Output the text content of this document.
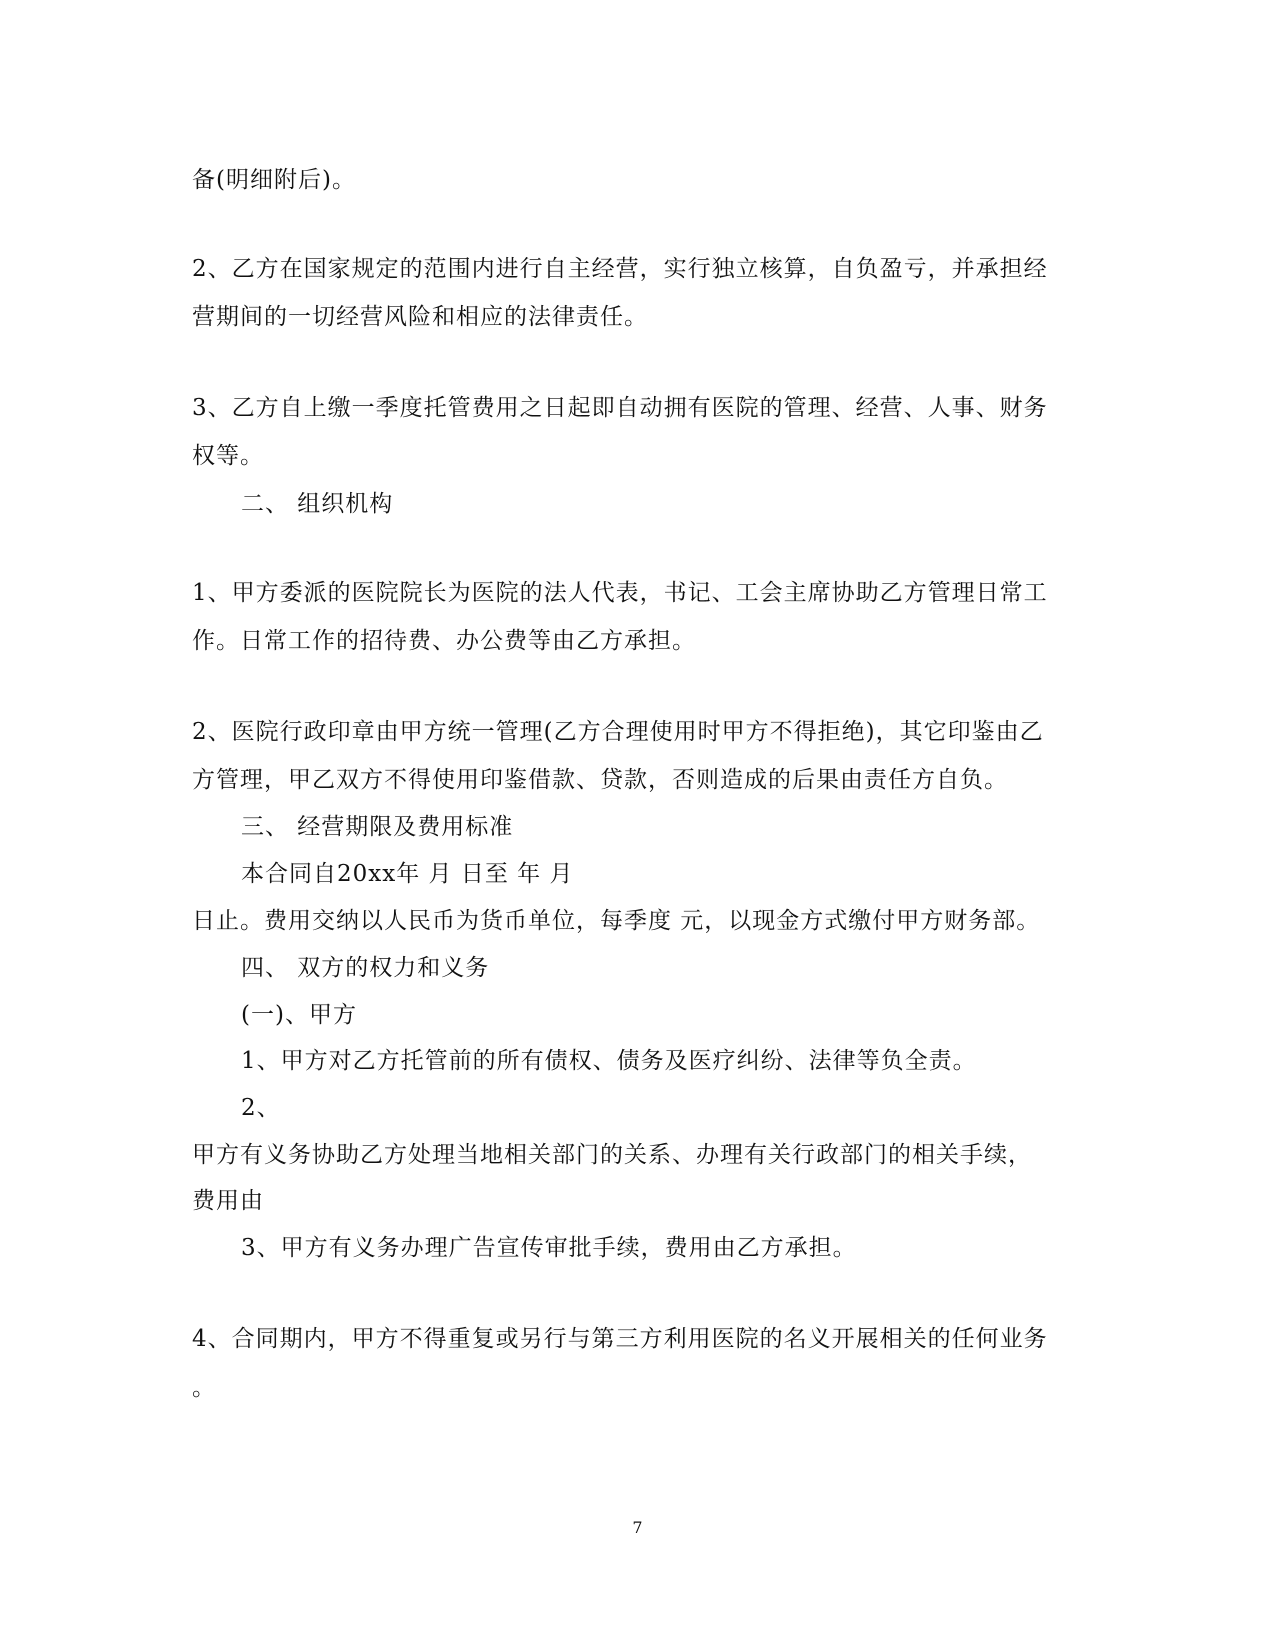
备(明细附后)。
2、乙方在国家规定的范围内进行自主经营，实行独立核算，自负盈亏，并承担经
营期间的一切经营风险和相应的法律责任。
3、乙方自上缴一季度托管费用之日起即自动拥有医院的管理、经营、人事、财务
权等。
二、 组织机构
1、甲方委派的医院院长为医院的法人代表，书记、工会主席协助乙方管理日常工
作。日常工作的招待费、办公费等由乙方承担。
2、医院行政印章由甲方统一管理(乙方合理使用时甲方不得拒绝)，其它印鉴由乙
方管理，甲乙双方不得使用印鉴借款、贷款，否则造成的后果由责任方自负。
三、 经营期限及费用标准
本合同自20xx年 月 日至 年 月
日止。费用交纳以人民币为货币单位，每季度 元，以现金方式缴付甲方财务部。
四、 双方的权力和义务
(一)、甲方
1、甲方对乙方托管前的所有债权、债务及医疗纠纷、法律等负全责。
2、
甲方有义务协助乙方处理当地相关部门的关系、办理有关行政部门的相关手续，
费用由
3、甲方有义务办理广告宣传审批手续，费用由乙方承担。
4、合同期内，甲方不得重复或另行与第三方利用医院的名义开展相关的任何业务
。
7
